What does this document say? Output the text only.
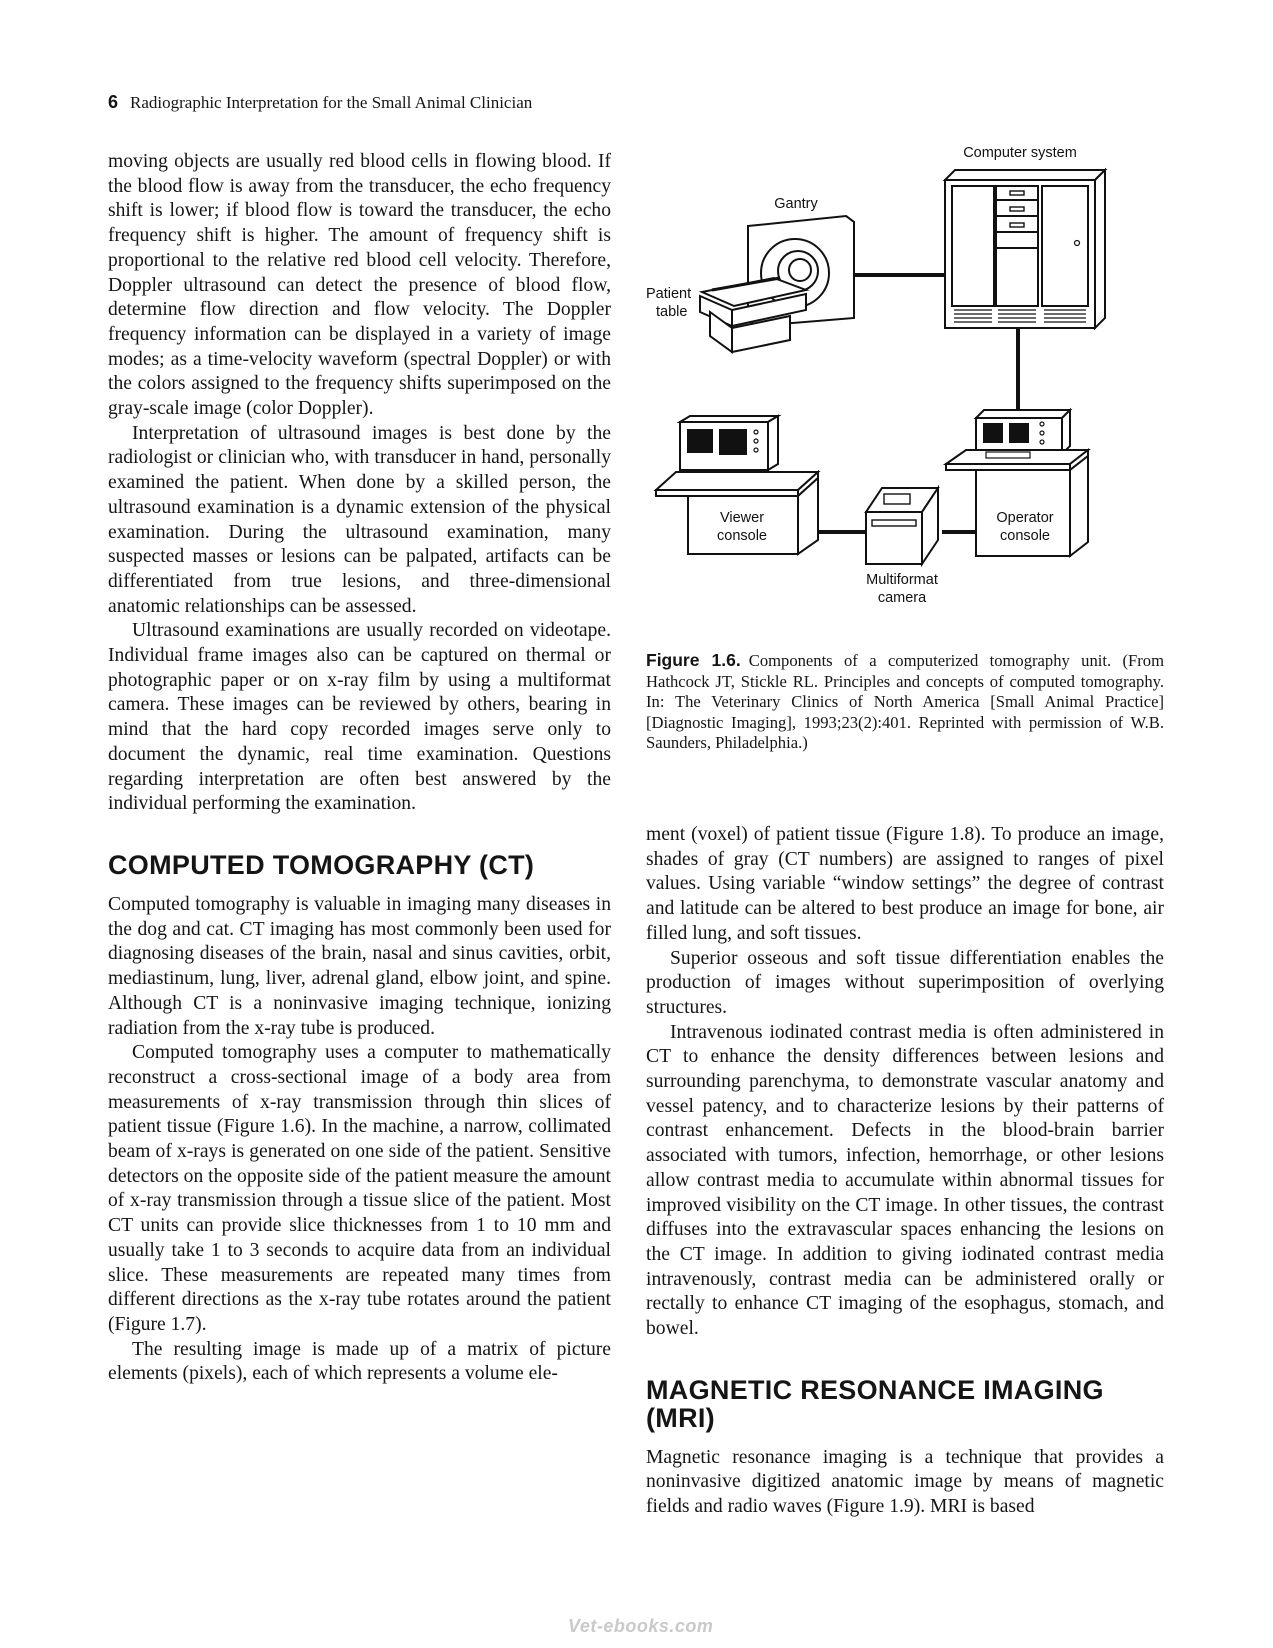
6 Radiographic Interpretation for the Small Animal Clinician

moving objects are usually red blood cells in flowing blood. If the blood flow is away from the transducer, the echo frequency shift is lower; if blood flow is toward the transducer, the echo frequency shift is higher. The amount of frequency shift is proportional to the relative red blood cell velocity. Therefore, Doppler ultrasound can detect the presence of blood flow, determine flow direction and flow velocity. The Doppler frequency information can be displayed in a variety of image modes; as a time-velocity waveform (spectral Doppler) or with the colors assigned to the frequency shifts superimposed on the gray-scale image (color Doppler).

Interpretation of ultrasound images is best done by the radiologist or clinician who, with transducer in hand, personally examined the patient. When done by a skilled person, the ultrasound examination is a dynamic extension of the physical examination. During the ultrasound examination, many suspected masses or lesions can be palpated, artifacts can be differentiated from true lesions, and three-dimensional anatomic relationships can be assessed.

Ultrasound examinations are usually recorded on videotape. Individual frame images also can be captured on thermal or photographic paper or on x-ray film by using a multiformat camera. These images can be reviewed by others, bearing in mind that the hard copy recorded images serve only to document the dynamic, real time examination. Questions regarding interpretation are often best answered by the individual performing the examination.

COMPUTED TOMOGRAPHY (CT)

Computed tomography is valuable in imaging many diseases in the dog and cat. CT imaging has most commonly been used for diagnosing diseases of the brain, nasal and sinus cavities, orbit, mediastinum, lung, liver, adrenal gland, elbow joint, and spine. Although CT is a noninvasive imaging technique, ionizing radiation from the x-ray tube is produced.

Computed tomography uses a computer to mathematically reconstruct a cross-sectional image of a body area from measurements of x-ray transmission through thin slices of patient tissue (Figure 1.6). In the machine, a narrow, collimated beam of x-rays is generated on one side of the patient. Sensitive detectors on the opposite side of the patient measure the amount of x-ray transmission through a tissue slice of the patient. Most CT units can provide slice thicknesses from 1 to 10 mm and usually take 1 to 3 seconds to acquire data from an individual slice. These measurements are repeated many times from different directions as the x-ray tube rotates around the patient (Figure 1.7).

The resulting image is made up of a matrix of picture elements (pixels), each of which represents a volume ele-

Computer system
Gantry
Patient
table
Viewer
console
Operator
console
Multiformat
camera
Figure 1.6. Components of a computerized tomography unit. (From Hathcock JT, Stickle RL. Principles and concepts of computed tomography. In: The Veterinary Clinics of North America [Small Animal Practice] [Diagnostic Imaging], 1993;23(2):401. Reprinted with permission of W.B. Saunders, Philadelphia.)

ment (voxel) of patient tissue (Figure 1.8). To produce an image, shades of gray (CT numbers) are assigned to ranges of pixel values. Using variable “window settings” the degree of contrast and latitude can be altered to best produce an image for bone, air filled lung, and soft tissues.

Superior osseous and soft tissue differentiation enables the production of images without superimposition of overlying structures.

Intravenous iodinated contrast media is often administered in CT to enhance the density differences between lesions and surrounding parenchyma, to demonstrate vascular anatomy and vessel patency, and to characterize lesions by their patterns of contrast enhancement. Defects in the blood-brain barrier associated with tumors, infection, hemorrhage, or other lesions allow contrast media to accumulate within abnormal tissues for improved visibility on the CT image. In other tissues, the contrast diffuses into the extravascular spaces enhancing the lesions on the CT image. In addition to giving iodinated contrast media intravenously, contrast media can be administered orally or rectally to enhance CT imaging of the esophagus, stomach, and bowel.

MAGNETIC RESONANCE IMAGING (MRI)

Magnetic resonance imaging is a technique that provides a noninvasive digitized anatomic image by means of magnetic fields and radio waves (Figure 1.9). MRI is based

Vet-ebooks.com
